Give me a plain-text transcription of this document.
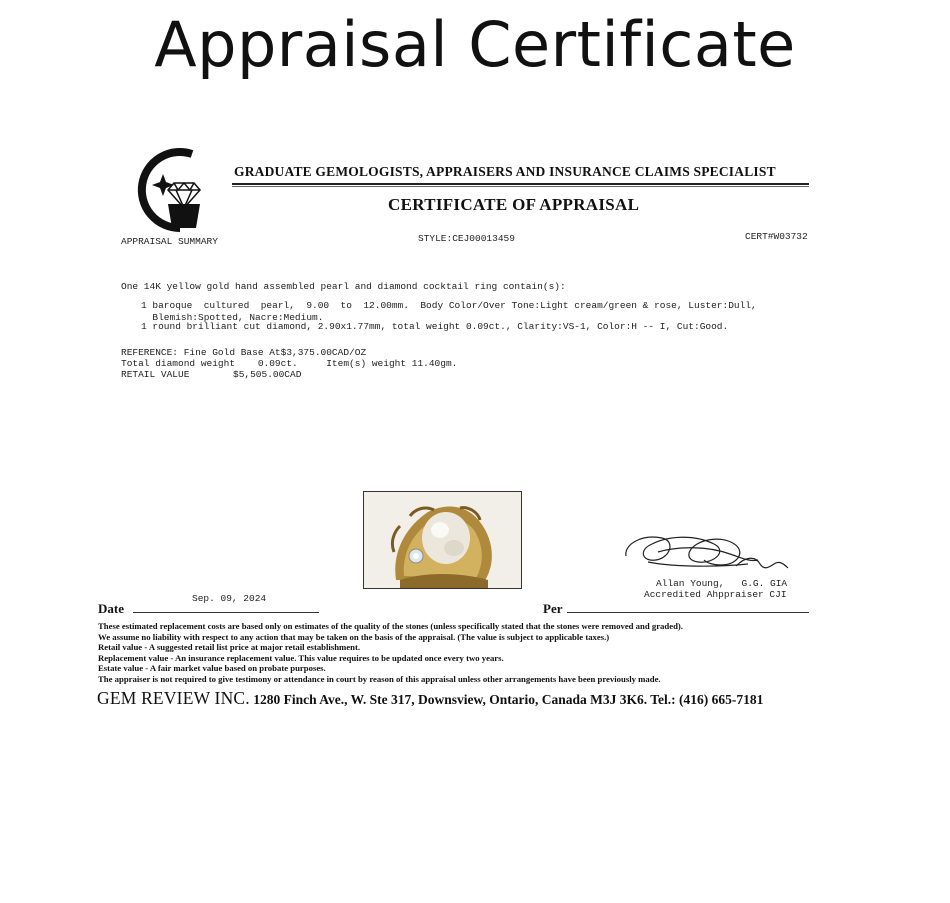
Appraisal Certificate
GRADUATE GEMOLOGISTS, APPRAISERS AND INSURANCE CLAIMS SPECIALIST
CERTIFICATE OF APPRAISAL
APPRAISAL SUMMARY	STYLE:CEJ00013459	CERT#W03732
One 14K yellow gold hand assembled pearl and diamond cocktail ring contain(s):
1 baroque  cultured  pearl,  9.00  to  12.00mm.  Body Color/Over Tone:Light cream/green & rose, Luster:Dull,
Blemish:Spotted, Nacre:Medium.
1 round brilliant cut diamond, 2.90x1.77mm, total weight 0.09ct., Clarity:VS-1, Color:H -- I, Cut:Good.
REFERENCE: Fine Gold Base At$3,375.00CAD/OZ
Total diamond weight    0.09ct.     Item(s) weight 11.40gm.
RETAIL VALUE	$5,505.00CAD
Allan Young,   G.G. GIA
Accredited Ahppraiser CJI
Sep. 09, 2024
Date	Per
These estimated replacement costs are based only on estimates of the quality of the stones (unless specifically stated that the stones were removed and graded).
We assume no liability with respect to any action that may be taken on the basis of the appraisal. (The value is subject to applicable taxes.)
Retail value - A suggested retail list price at major retail establishment.
Replacement value - An insurance replacement value. This value requires to be updated once every two years.
Estate value - A fair market value based on probate purposes.
The appraiser is not required to give testimony or attendance in court by reason of this appraisal unless other arrangements have been previously made.
GEM REVIEW INC. 1280 Finch Ave., W. Ste 317, Downsview, Ontario, Canada M3J 3K6. Tel.: (416) 665-7181
